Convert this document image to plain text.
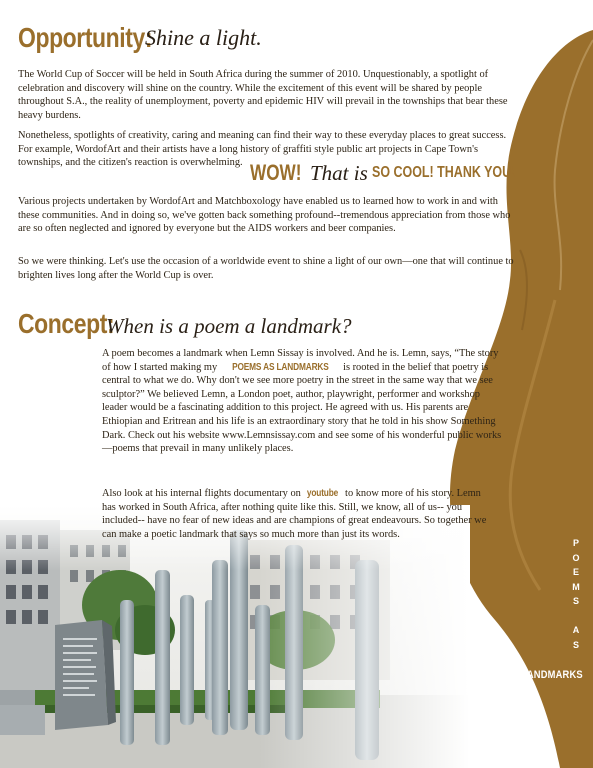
Opportunity:
Shine a light.

The World Cup of Soccer will be held in South Africa during the summer of 2010. Unquestionably, a spotlight of celebration and discovery will shine on the country. While the excitement of this event will be shared by people throughout S.A., the reality of unemployment, poverty and epidemic HIV will prevail in the townships that bear these heavy burdens.

Nonetheless, spotlights of creativity, caring and meaning can find their way to these everyday places to great success. For example, WordofArt and their artists have a long history of graffiti style public art projects in Cape Town's townships, and the citizen's reaction is overwhelming. WOW! That is SO COOL! THANK YOU!

Various projects undertaken by WordofArt and Matchboxology have enabled us to learned how to work in and with these communities. And in doing so, we've gotten back something profound--tremendous appreciation from those who are so often neglected and ignored by everyone but the AIDS workers and beer companies.

So we were thinking. Let's use the occasion of a worldwide event to shine a light of our own—one that will continue to brighten lives long after the World Cup is over.

Concept:
When is a poem a landmark?

A poem becomes a landmark when Lemn Sissay is involved. And he is. Lemn, says, “The story of how I started making my POEMS AS LANDMARKS is rooted in the belief that poetry is central to what we do. Why don't we see more poetry in the street in the same way that we see sculptor?” We believed Lemn, a London poet, author, playwright, performer and workshop leader would be a fascinating addition to this project. He agreed with us. His parents are Ethiopian and Eritrean and his life is an extraordinary story that he told in his show Something Dark. Check out his website www.Lemnsissay.com and see some of his wonderful public works—poems that prevail in many unlikely places.

Also look at his internal flights documentary on youtube to know more of his story. Lemn has worked in South Africa, after nothing quite like this. Still, we know, all of us-- you included-- have no fear of new ideas and are champions of great endeavours. So together we can make a poetic landmark that says so much more than just its words.

P
O
E
M
S
A
S
LANDMARKS
